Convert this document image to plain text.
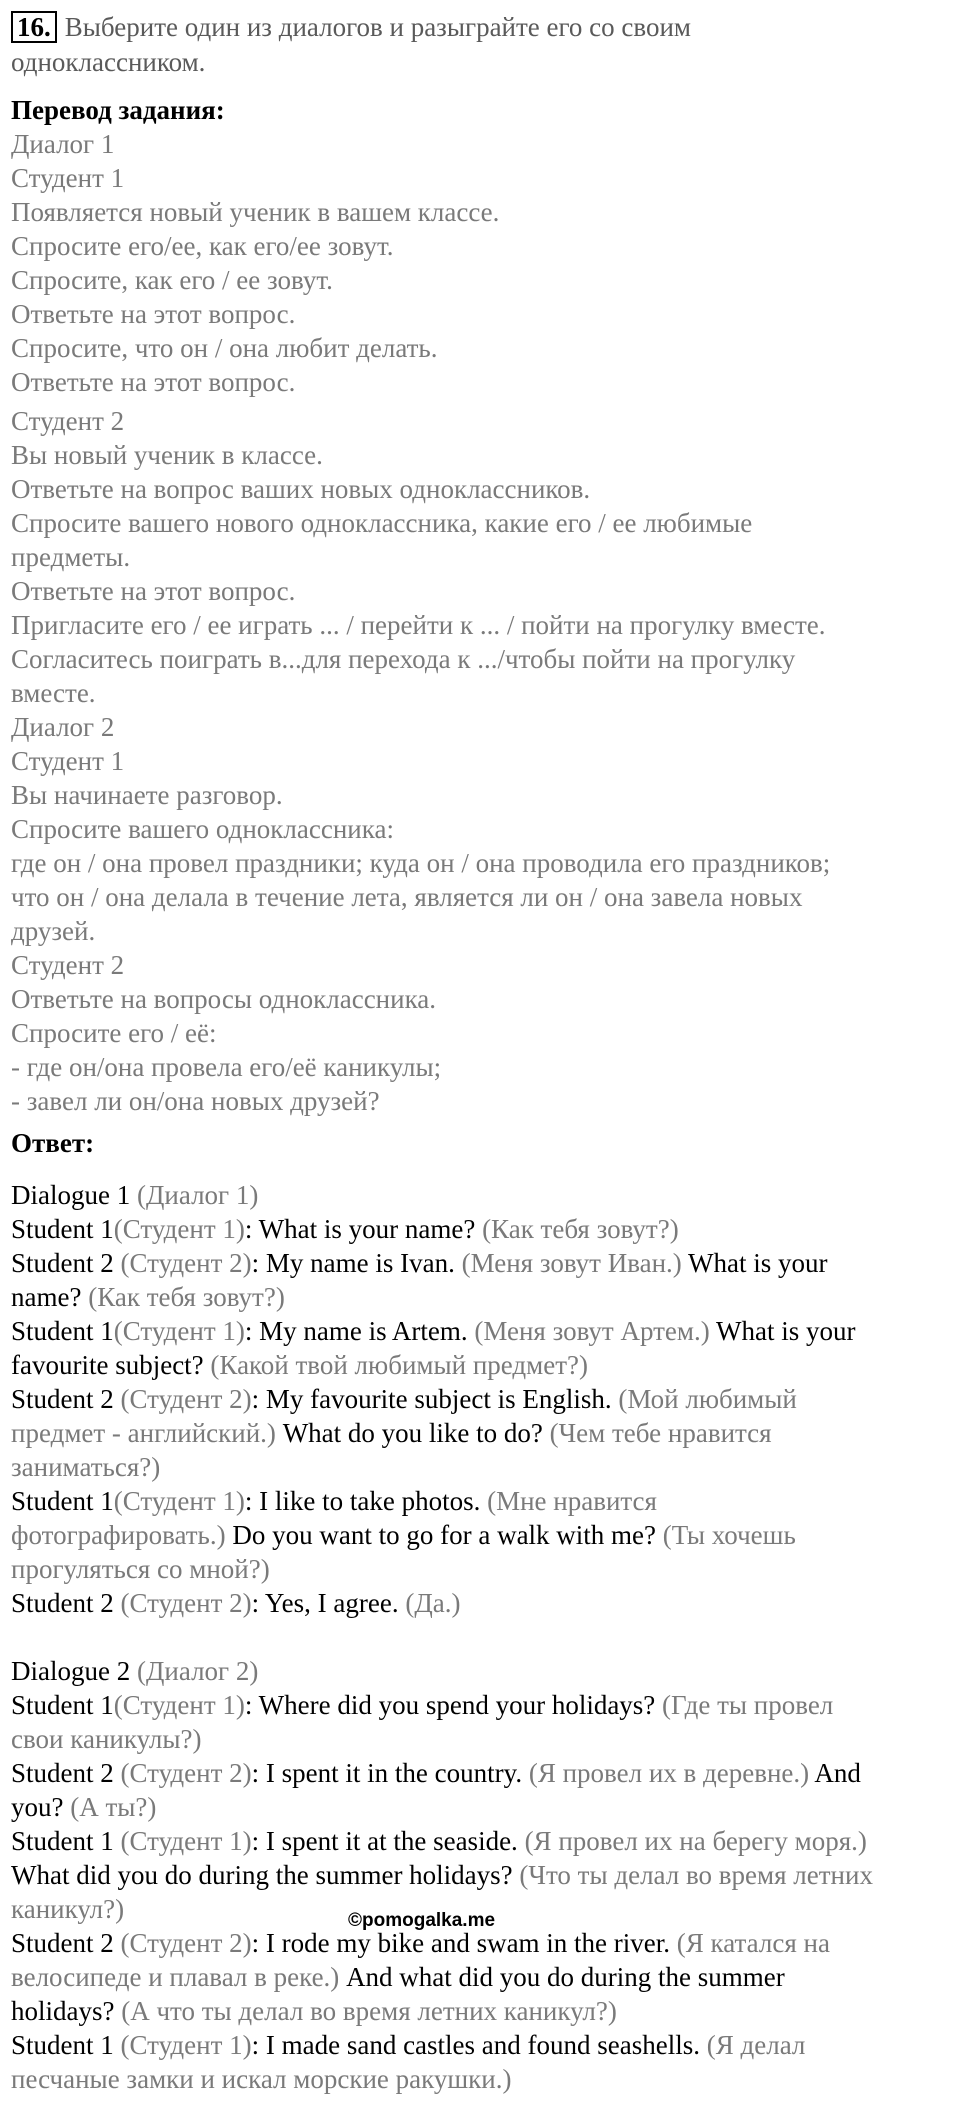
16. Выберите один из диалогов и разыграйте его со своим
одноклассником.
Перевод задания:
Диалог 1
Студент 1
Появляется новый ученик в вашем классе.
Спросите его/ее, как его/ее зовут.
Спросите, как его / ее зовут.
Ответьте на этот вопрос.
Спросите, что он / она любит делать.
Ответьте на этот вопрос.
Студент 2
Вы новый ученик в классе.
Ответьте на вопрос ваших новых одноклассников.
Спросите вашего нового одноклассника, какие его / ее любимые
предметы.
Ответьте на этот вопрос.
Пригласите его / ее играть ... / перейти к ... / пойти на прогулку вместе.
Согласитесь поиграть в...для перехода к .../чтобы пойти на прогулку
вместе.
Диалог 2
Студент 1
Вы начинаете разговор.
Спросите вашего одноклассника:
где он / она провел праздники; куда он / она проводила его праздников;
что он / она делала в течение лета, является ли он / она завела новых
друзей.
Студент 2
Ответьте на вопросы одноклассника.
Спросите его / её:
- где он/она провела его/её каникулы;
- завел ли он/она новых друзей?
Ответ:
Dialogue 1 (Диалог 1)
Student 1(Студент 1): What is your name? (Как тебя зовут?)
Student 2 (Студент 2): My name is Ivan. (Меня зовут Иван.) What is your
name? (Как тебя зовут?)
Student 1(Студент 1): My name is Artem. (Меня зовут Артем.) What is your
favourite subject? (Какой твой любимый предмет?)
Student 2 (Студент 2): My favourite subject is English. (Мой любимый
предмет - английский.) What do you like to do? (Чем тебе нравится
заниматься?)
Student 1(Студент 1): I like to take photos. (Мне нравится
фотографировать.) Do you want to go for a walk with me? (Ты хочешь
прогуляться со мной?)
Student 2 (Студент 2): Yes, I agree. (Да.)
Dialogue 2 (Диалог 2)
Student 1(Студент 1): Where did you spend your holidays? (Где ты провел
свои каникулы?)
Student 2 (Студент 2): I spent it in the country. (Я провел их в деревне.) And
you? (А ты?)
Student 1 (Студент 1): I spent it at the seaside. (Я провел их на берегу моря.)
What did you do during the summer holidays? (Что ты делал во время летних
каникул?)
Student 2 (Студент 2): I rode my bike and swam in the river. (Я катался на
велосипеде и плавал в реке.) And what did you do during the summer
holidays? (А что ты делал во время летних каникул?)
Student 1 (Студент 1): I made sand castles and found seashells. (Я делал
песчаные замки и искал морские ракушки.)
©pomogalka.me
